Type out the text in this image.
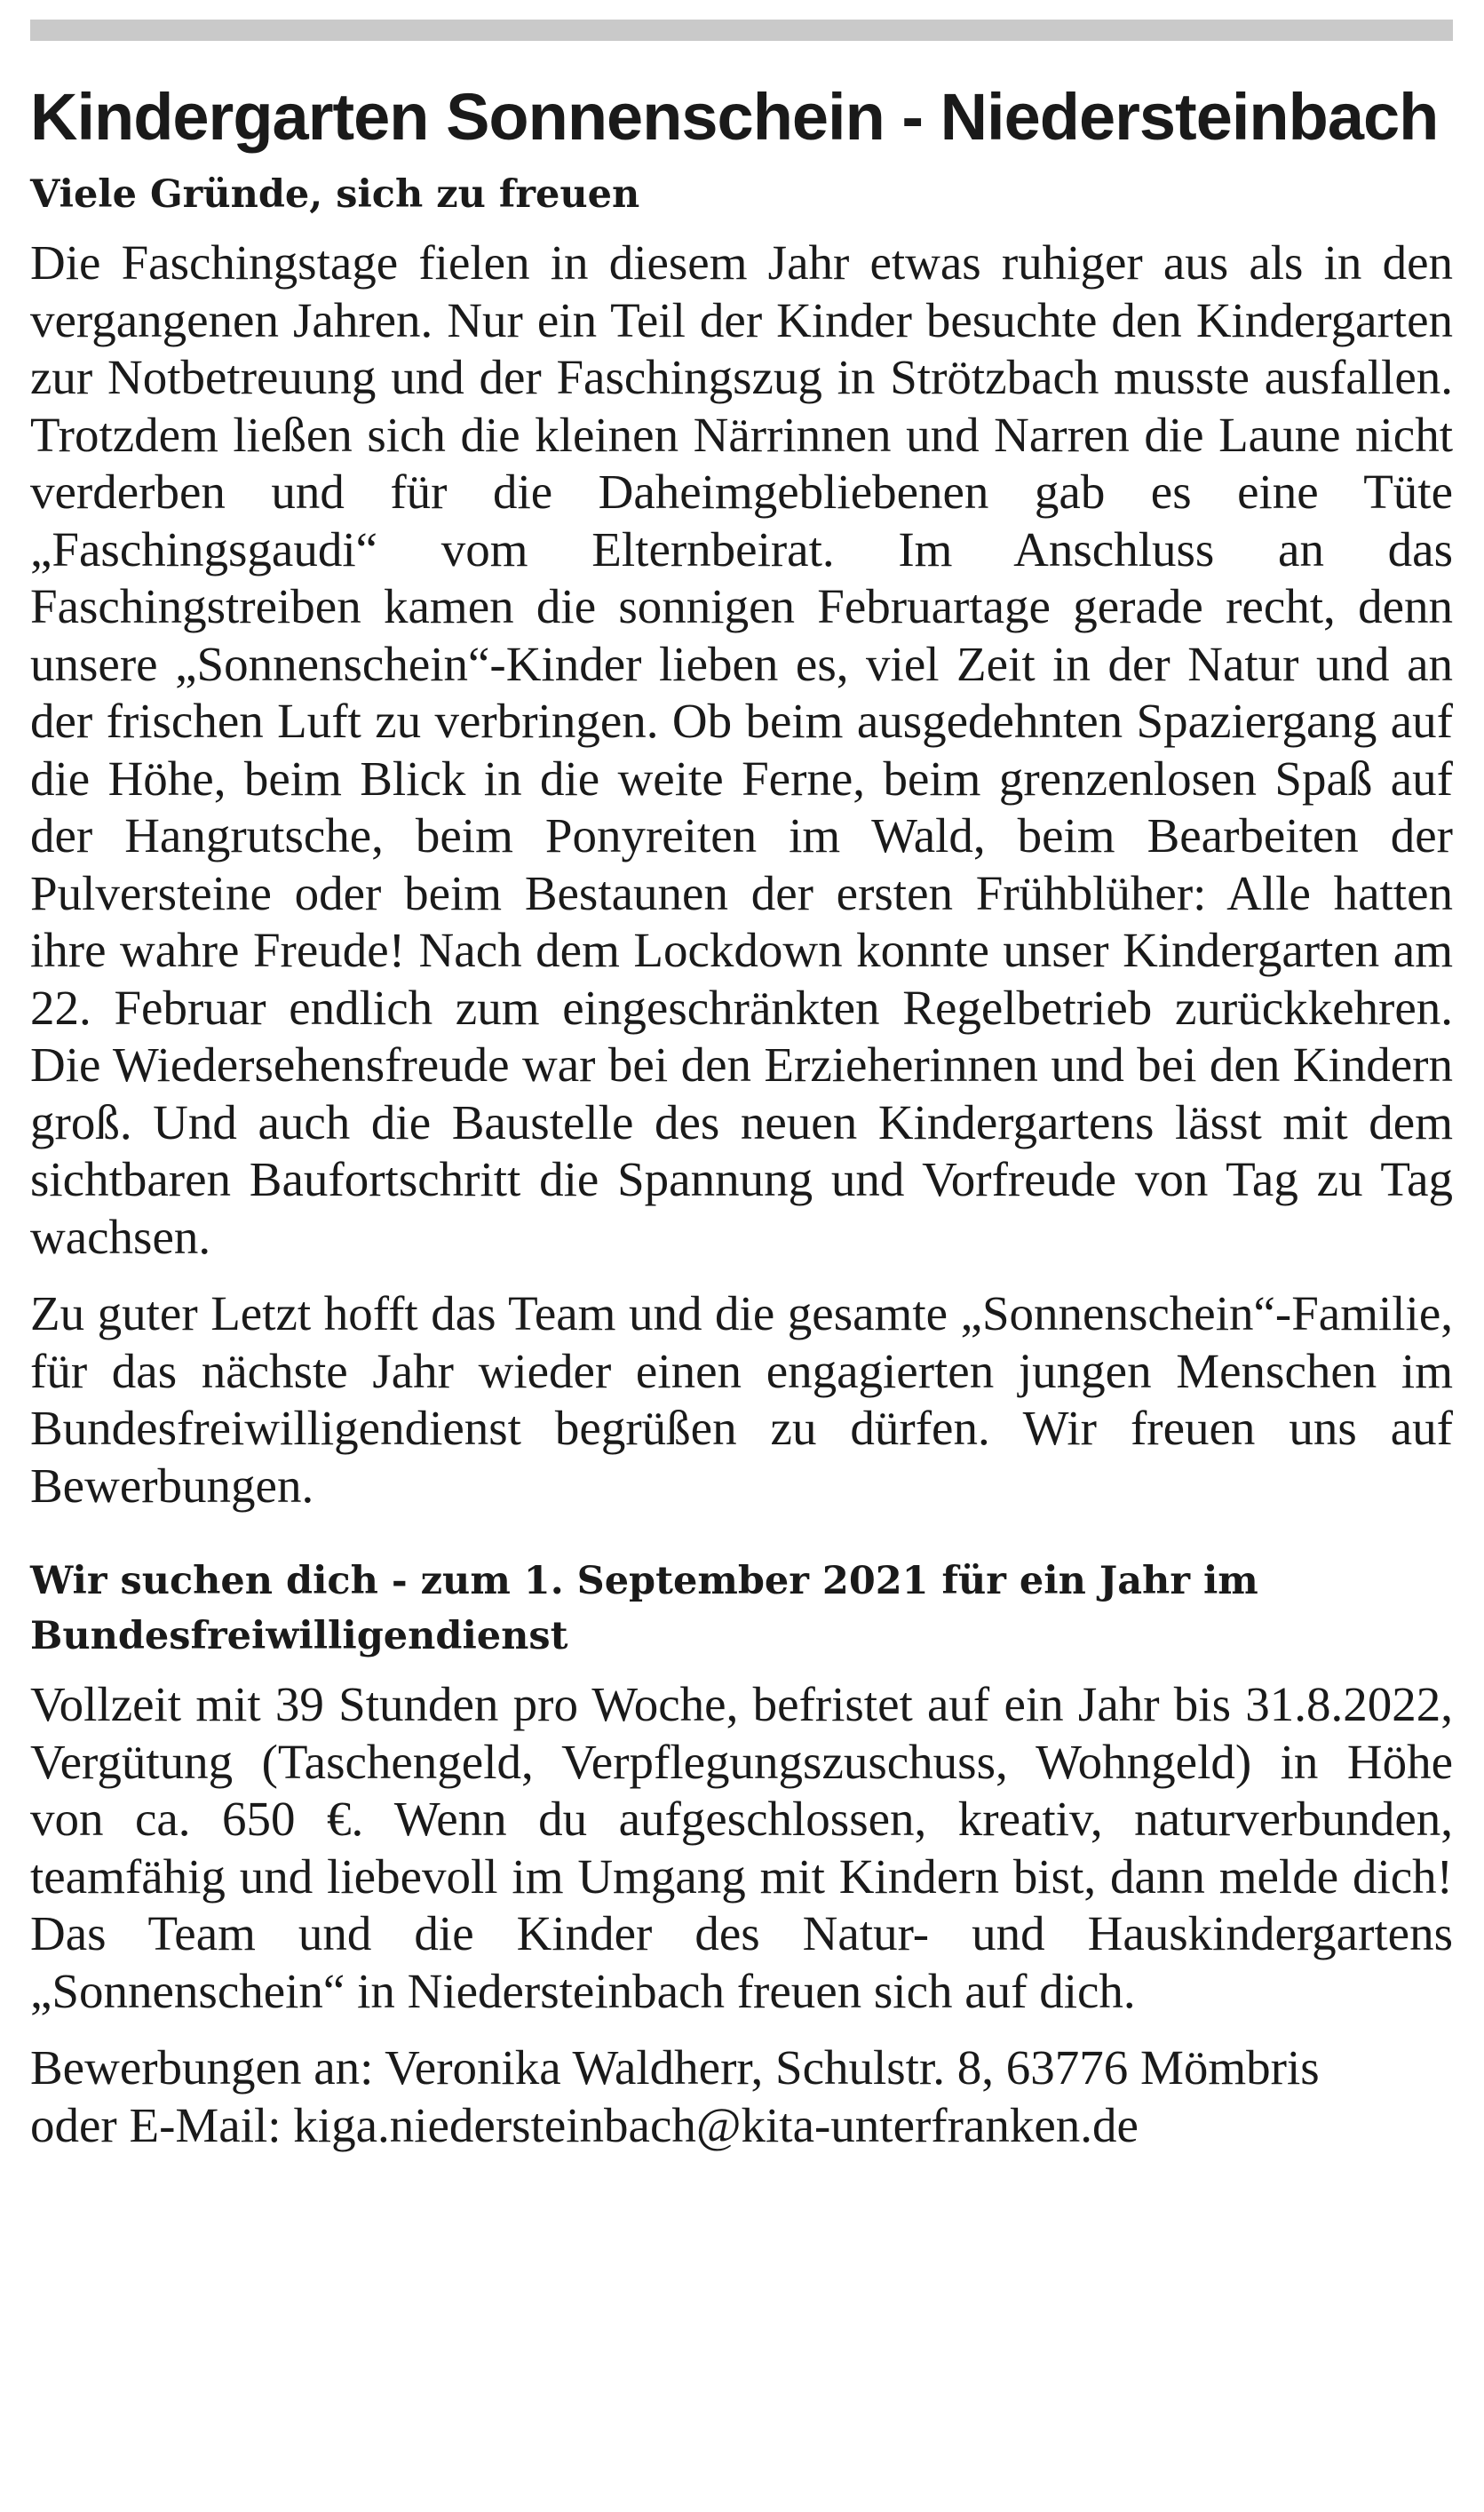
Kindergarten Sonnenschein - Niedersteinbach
Viele Gründe, sich zu freuen

Die Faschingstage fielen in diesem Jahr etwas ruhiger aus als in den vergangenen Jahren. Nur ein Teil der Kinder besuchte den Kindergarten zur Notbetreuung und der Faschingszug in Strötzbach musste ausfallen. Trotzdem ließen sich die kleinen Närrinnen und Narren die Laune nicht verderben und für die Daheimgebliebenen gab es eine Tüte „Faschingsgaudi“ vom Elternbeirat. Im Anschluss an das Faschingstreiben kamen die sonnigen Februartage gerade recht, denn unsere „Sonnenschein“-Kinder lieben es, viel Zeit in der Natur und an der frischen Luft zu verbringen. Ob beim ausgedehnten Spaziergang auf die Höhe, beim Blick in die weite Ferne, beim grenzenlosen Spaß auf der Hangrutsche, beim Ponyreiten im Wald, beim Bearbeiten der Pulversteine oder beim Bestaunen der ersten Frühblüher: Alle hatten ihre wahre Freude! Nach dem Lockdown konnte unser Kindergarten am 22. Februar endlich zum eingeschränkten Regelbetrieb zurückkehren. Die Wiedersehensfreude war bei den Erzieherinnen und bei den Kindern groß. Und auch die Baustelle des neuen Kindergartens lässt mit dem sichtbaren Baufortschritt die Spannung und Vorfreude von Tag zu Tag wachsen.

Zu guter Letzt hofft das Team und die gesamte „Sonnenschein“-Familie, für das nächste Jahr wieder einen engagierten jungen Menschen im Bundesfreiwilligendienst begrüßen zu dürfen. Wir freuen uns auf Bewerbungen.

Wir suchen dich - zum 1. September 2021 für ein Jahr im Bundesfreiwilligendienst

Vollzeit mit 39 Stunden pro Woche, befristet auf ein Jahr bis 31.8.2022, Vergütung (Taschengeld, Verpflegungszuschuss, Wohngeld) in Höhe von ca. 650 €. Wenn du aufgeschlossen, kreativ, naturverbunden, teamfähig und liebevoll im Umgang mit Kindern bist, dann melde dich! Das Team und die Kinder des Natur- und Hauskindergartens „Sonnenschein“ in Niedersteinbach freuen sich auf dich.

Bewerbungen an: Veronika Waldherr, Schulstr. 8, 63776 Mömbris

oder E-Mail: kiga.niedersteinbach@kita-unterfranken.de
